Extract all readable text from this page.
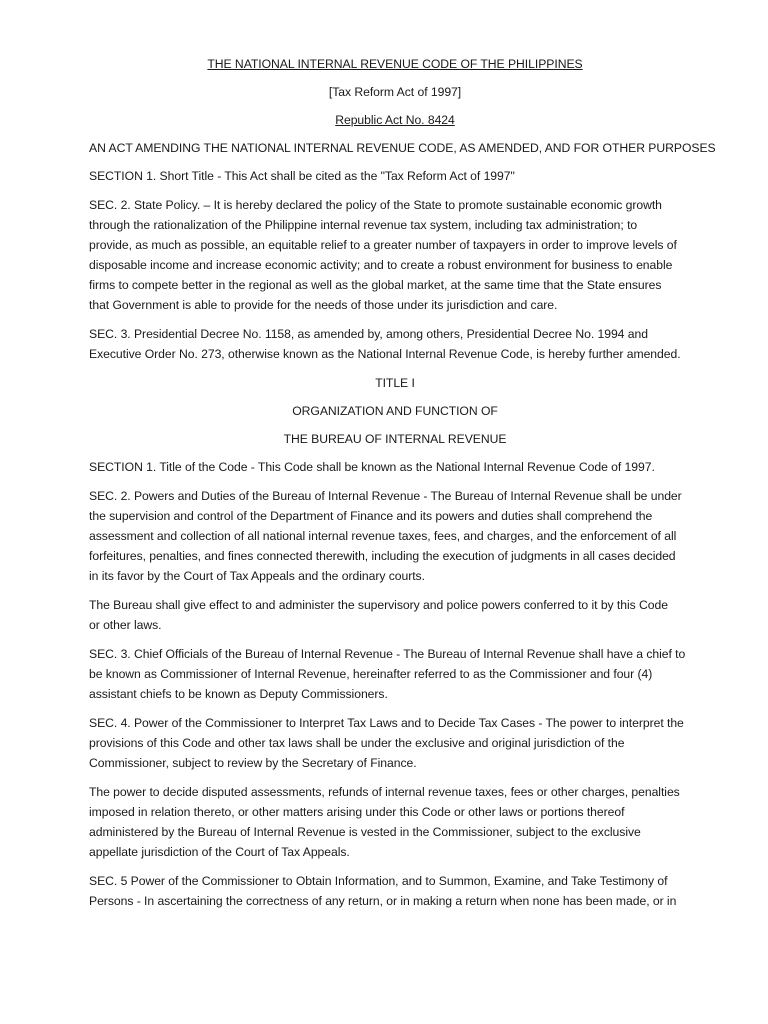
THE NATIONAL INTERNAL REVENUE CODE OF THE PHILIPPINES

[Tax Reform Act of 1997]

Republic Act No. 8424

AN ACT AMENDING THE NATIONAL INTERNAL REVENUE CODE, AS AMENDED, AND FOR OTHER PURPOSES

SECTION 1. Short Title - This Act shall be cited as the "Tax Reform Act of 1997"

SEC. 2. State Policy. – It is hereby declared the policy of the State to promote sustainable economic growth
through the rationalization of the Philippine internal revenue tax system, including tax administration; to
provide, as much as possible, an equitable relief to a greater number of taxpayers in order to improve levels of
disposable income and increase economic activity; and to create a robust environment for business to enable
firms to compete better in the regional as well as the global market, at the same time that the State ensures
that Government is able to provide for the needs of those under its jurisdiction and care.

SEC. 3. Presidential Decree No. 1158, as amended by, among others, Presidential Decree No. 1994 and
Executive Order No. 273, otherwise known as the National Internal Revenue Code, is hereby further amended.

TITLE I

ORGANIZATION AND FUNCTION OF

THE BUREAU OF INTERNAL REVENUE

SECTION 1. Title of the Code - This Code shall be known as the National Internal Revenue Code of 1997.

SEC. 2. Powers and Duties of the Bureau of Internal Revenue - The Bureau of Internal Revenue shall be under
the supervision and control of the Department of Finance and its powers and duties shall comprehend the
assessment and collection of all national internal revenue taxes, fees, and charges, and the enforcement of all
forfeitures, penalties, and fines connected therewith, including the execution of judgments in all cases decided
in its favor by the Court of Tax Appeals and the ordinary courts.

The Bureau shall give effect to and administer the supervisory and police powers conferred to it by this Code
or other laws.

SEC. 3. Chief Officials of the Bureau of Internal Revenue - The Bureau of Internal Revenue shall have a chief to
be known as Commissioner of Internal Revenue, hereinafter referred to as the Commissioner and four (4)
assistant chiefs to be known as Deputy Commissioners.

SEC. 4. Power of the Commissioner to Interpret Tax Laws and to Decide Tax Cases - The power to interpret the
provisions of this Code and other tax laws shall be under the exclusive and original jurisdiction of the
Commissioner, subject to review by the Secretary of Finance.

The power to decide disputed assessments, refunds of internal revenue taxes, fees or other charges, penalties
imposed in relation thereto, or other matters arising under this Code or other laws or portions thereof
administered by the Bureau of Internal Revenue is vested in the Commissioner, subject to the exclusive
appellate jurisdiction of the Court of Tax Appeals.

SEC. 5 Power of the Commissioner to Obtain Information, and to Summon, Examine, and Take Testimony of
Persons - In ascertaining the correctness of any return, or in making a return when none has been made, or in
